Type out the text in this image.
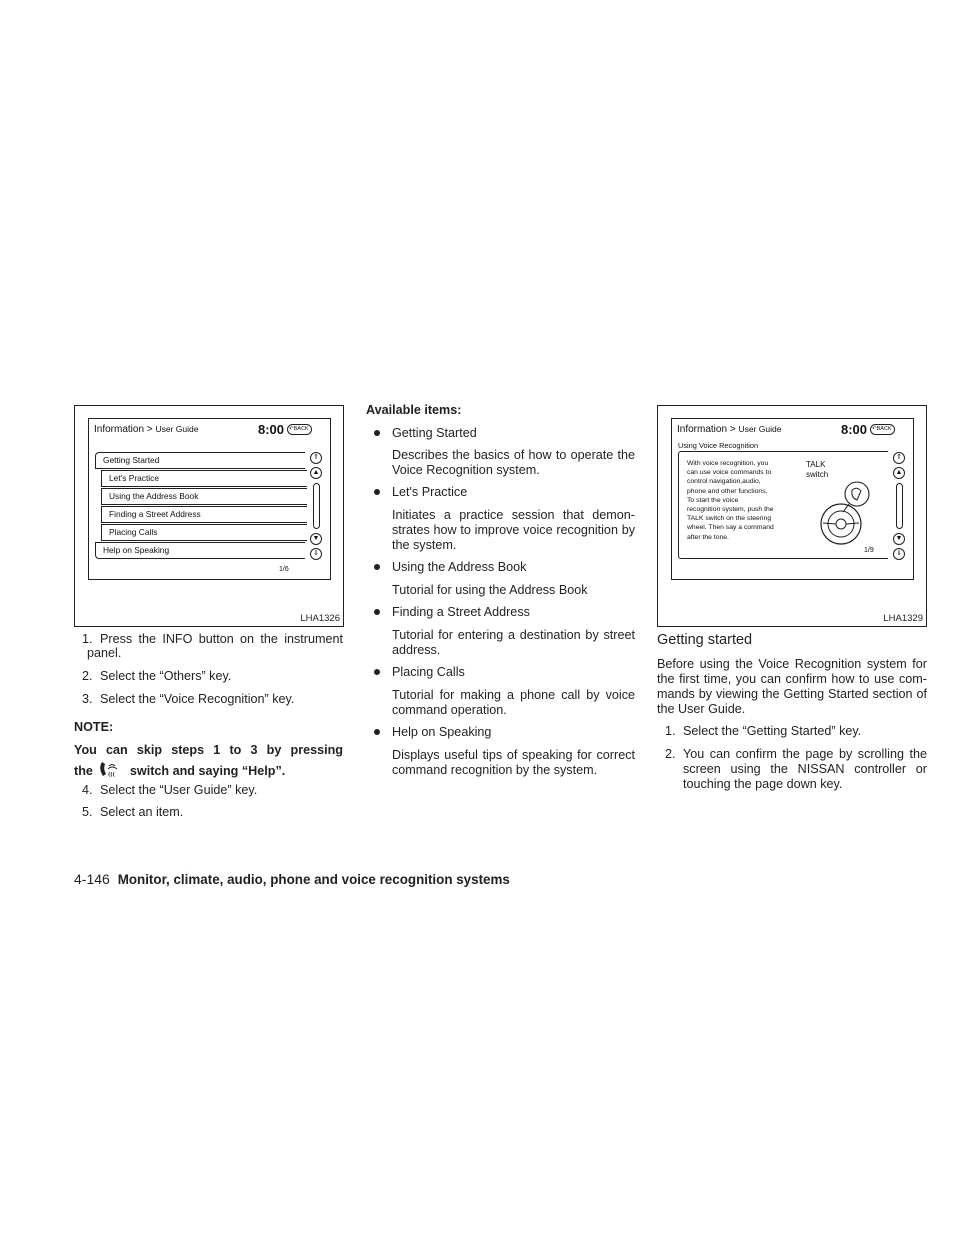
Information > User Guide	8:00 ↶BACK
Getting Started
Let's Practice
Using the Address Book
Finding a Street Address
Placing Calls
Help on Speaking
⇑
▲
▼
⇓
1/6
LHA1326
Information > User Guide	8:00 ↶BACK
Using Voice Recognition
With voice recognition, you
can use voice commands to
control navigation,audio,
phone and other functions.
To start the voice
recognition system, push the
TALK switch on the steering
wheel. Then say a command
after the tone.
TALK
switch
⇑
▲
▼
⇓
1/9
LHA1329
1. Press the INFO button on the instrument
panel.
2. Select the “Others” key.
3. Select the “Voice Recognition” key.
NOTE:
You can skip steps 1 to 3 by pressing
the	((( switch and saying “Help”.
4. Select the “User Guide” key.
5. Select an item.
Available items:
Getting Started
Describes the basics of how to operate the
Voice Recognition system.
Let's Practice
Initiates a practice session that demon-
strates how to improve voice recognition by
the system.
Using the Address Book
Tutorial for using the Address Book
Finding a Street Address
Tutorial for entering a destination by street
address.
Placing Calls
Tutorial for making a phone call by voice
command operation.
Help on Speaking
Displays useful tips of speaking for correct
command recognition by the system.
Getting started
Before using the Voice Recognition system for
the first time, you can confirm how to use com-
mands by viewing the Getting Started section of
the User Guide.
1. Select the “Getting Started” key.
2. You can confirm the page by scrolling the
screen using the NISSAN controller or
touching the page down key.
4-146 Monitor, climate, audio, phone and voice recognition systems
